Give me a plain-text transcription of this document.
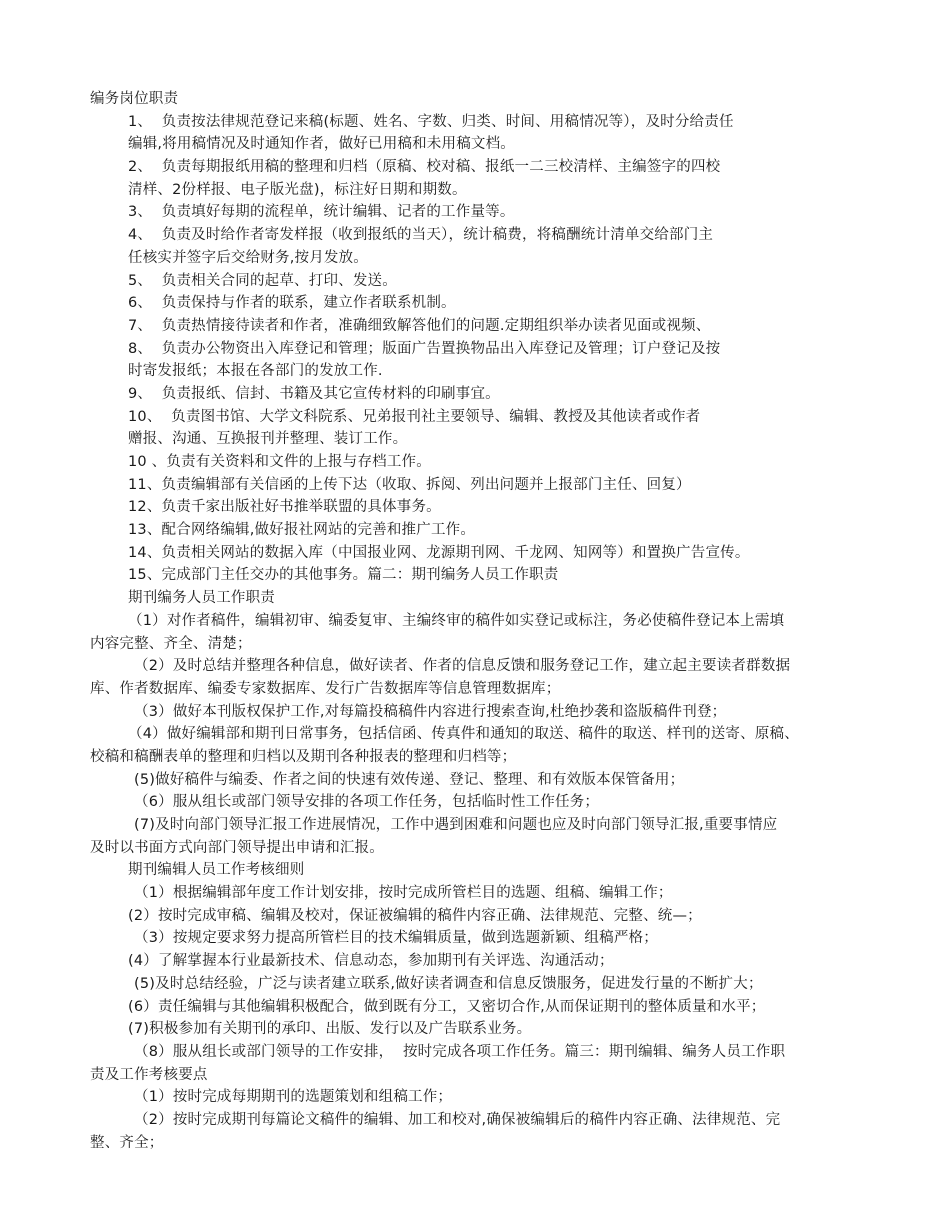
编务岗位职责
1、  负责按法律规范登记来稿(标题、姓名、字数、归类、时间、用稿情况等），及时分给责任
编辑,将用稿情况及时通知作者，做好已用稿和未用稿文档。
2、  负责每期报纸用稿的整理和归档（原稿、校对稿、报纸一二三校清样、主编签字的四校
清样、2份样报、电子版光盘)，标注好日期和期数。
3、  负责填好每期的流程单，统计编辑、记者的工作量等。
4、  负责及时给作者寄发样报（收到报纸的当天），统计稿费，将稿酬统计清单交给部门主
任核实并签字后交给财务,按月发放。
5、  负责相关合同的起草、打印、发送。
6、  负责保持与作者的联系，建立作者联系机制。
7、  负责热情接待读者和作者，准确细致解答他们的问题.定期组织举办读者见面或视频、
8、  负责办公物资出入库登记和管理；版面广告置换物品出入库登记及管理；订户登记及按
时寄发报纸；本报在各部门的发放工作.
9、  负责报纸、信封、书籍及其它宣传材料的印刷事宜。
10、  负责图书馆、大学文科院系、兄弟报刊社主要领导、编辑、教授及其他读者或作者
赠报、沟通、互换报刊并整理、装订工作。
10 、负责有关资料和文件的上报与存档工作。
11、负责编辑部有关信函的上传下达（收取、拆阅、列出问题并上报部门主任、回复）
12、负责千家出版社好书推举联盟的具体事务。
13、配合网络编辑,做好报社网站的完善和推广工作。
14、负责相关网站的数据入库（中国报业网、龙源期刊网、千龙网、知网等）和置换广告宣传。
15、完成部门主任交办的其他事务。篇二：期刊编务人员工作职责
期刊编务人员工作职责
（1）对作者稿件，编辑初审、编委复审、主编终审的稿件如实登记或标注，务必使稿件登记本上需填
内容完整、齐全、清楚；
（2）及时总结并整理各种信息，做好读者、作者的信息反馈和服务登记工作，建立起主要读者群数据
库、作者数据库、编委专家数据库、发行广告数据库等信息管理数据库；
（3）做好本刊版权保护工作,对每篇投稿稿件内容进行搜索查询,杜绝抄袭和盗版稿件刊登；
（4）做好编辑部和期刊日常事务，包括信函、传真件和通知的取送、稿件的取送、样刊的送寄、原稿、
校稿和稿酬表单的整理和归档以及期刊各种报表的整理和归档等；
(5)做好稿件与编委、作者之间的快速有效传递、登记、整理、和有效版本保管备用；
（6）服从组长或部门领导安排的各项工作任务，包括临时性工作任务；
(7)及时向部门领导汇报工作进展情况，工作中遇到困难和问题也应及时向部门领导汇报,重要事情应
及时以书面方式向部门领导提出申请和汇报。
期刊编辑人员工作考核细则
（1）根据编辑部年度工作计划安排，按时完成所管栏目的选题、组稿、编辑工作；
(2）按时完成审稿、编辑及校对，保证被编辑的稿件内容正确、法律规范、完整、统—；
（3）按规定要求努力提高所管栏目的技术编辑质量，做到选题新颖、组稿严格；
(4）了解掌握本行业最新技术、信息动态，参加期刊有关评选、沟通活动；
(5)及时总结经验，广泛与读者建立联系,做好读者调查和信息反馈服务，促进发行量的不断扩大；
(6）责任编辑与其他编辑积极配合，做到既有分工，又密切合作,从而保证期刊的整体质量和水平；
(7)积极参加有关期刊的承印、出版、发行以及广告联系业务。
（8）服从组长或部门领导的工作安排，  按时完成各项工作任务。篇三：期刊编辑、编务人员工作职
责及工作考核要点
（1）按时完成每期期刊的选题策划和组稿工作；
（2）按时完成期刊每篇论文稿件的编辑、加工和校对,确保被编辑后的稿件内容正确、法律规范、完
整、齐全；
